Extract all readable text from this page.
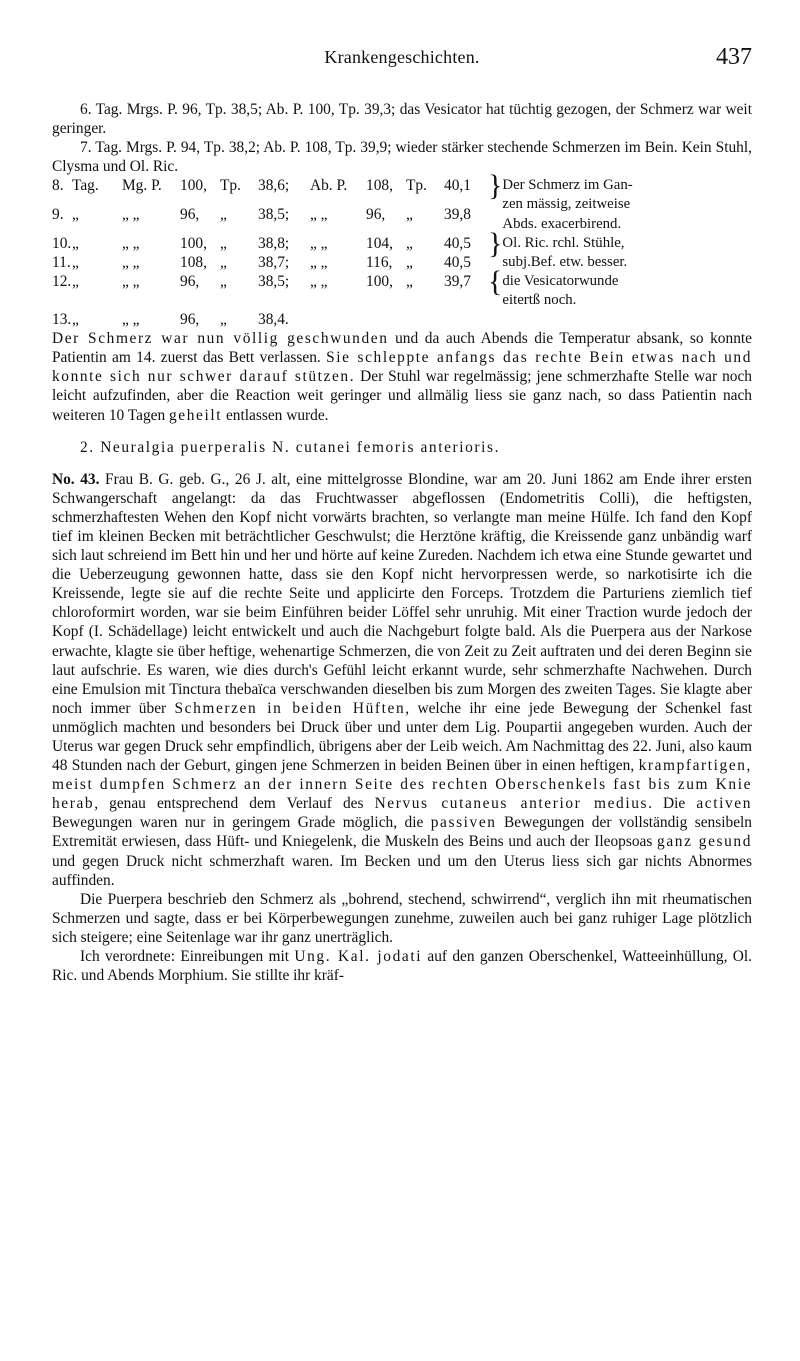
Krankengeschichten.	437

6. Tag. Mrgs. P. 96, Tp. 38,5; Ab. P. 100, Tp. 39,3; das Vesicator hat tüchtig gezogen, der Schmerz war weit geringer.

7. Tag. Mrgs. P. 94, Tp. 38,2; Ab. P. 108, Tp. 39,9; wieder stärker stechende Schmerzen im Bein. Kein Stuhl, Clysma und Ol. Ric.

8.	Tag.	Mg. P.	100,	Tp.	38,6;	Ab. P.	108,	Tp.	40,1	}	Der Schmerz im Gan-
zen mässig, zeitweise
Abds. exacerbirend.
9.	„	„ „	96,	„	38,5;	„ „	96,	„	39,8		
10.	„	„ „	100,	„	38,8;	„ „	104,	„	40,5	}	Ol. Ric. rchl. Stühle,
subj.Bef. etw. besser.
11.	„	„ „	108,	„	38,7;	„ „	116,	„	40,5		
12.	„	„ „	96,	„	38,5;	„ „	100,	„	39,7	{	die Vesicatorwunde
eitertß noch.
13.	„	„ „	96,	„	38,4.						

Der Schmerz war nun völlig geschwunden und da auch Abends die Temperatur absank, so konnte Patientin am 14. zuerst das Bett verlassen. Sie schleppte anfangs das rechte Bein etwas nach und konnte sich nur schwer darauf stützen. Der Stuhl war regelmässig; jene schmerzhafte Stelle war noch leicht aufzufinden, aber die Reaction weit geringer und allmälig liess sie ganz nach, so dass Patientin nach weiteren 10 Tagen geheilt entlassen wurde.

2. Neuralgia puerperalis N. cutanei femoris anterioris.

No. 43. Frau B. G. geb. G., 26 J. alt, eine mittelgrosse Blondine, war am 20. Juni 1862 am Ende ihrer ersten Schwangerschaft angelangt: da das Fruchtwasser abgeflossen (Endometritis Colli), die heftigsten, schmerzhaftesten Wehen den Kopf nicht vorwärts brachten, so verlangte man meine Hülfe. Ich fand den Kopf tief im kleinen Becken mit beträchtlicher Geschwulst; die Herztöne kräftig, die Kreissende ganz unbändig warf sich laut schreiend im Bett hin und her und hörte auf keine Zureden. Nachdem ich etwa eine Stunde gewartet und die Ueberzeugung gewonnen hatte, dass sie den Kopf nicht hervorpressen werde, so narkotisirte ich die Kreissende, legte sie auf die rechte Seite und applicirte den Forceps. Trotzdem die Parturiens ziemlich tief chloroformirt worden, war sie beim Einführen beider Löffel sehr unruhig. Mit einer Traction wurde jedoch der Kopf (I. Schädellage) leicht entwickelt und auch die Nachgeburt folgte bald. Als die Puerpera aus der Narkose erwachte, klagte sie über heftige, wehenartige Schmerzen, die von Zeit zu Zeit auftraten und dei deren Beginn sie laut aufschrie. Es waren, wie dies durch's Gefühl leicht erkannt wurde, sehr schmerzhafte Nachwehen. Durch eine Emulsion mit Tinctura thebaïca verschwanden dieselben bis zum Morgen des zweiten Tages. Sie klagte aber noch immer über Schmerzen in beiden Hüften, welche ihr eine jede Bewegung der Schenkel fast unmöglich machten und besonders bei Druck über und unter dem Lig. Poupartii angegeben wurden. Auch der Uterus war gegen Druck sehr empfindlich, übrigens aber der Leib weich. Am Nachmittag des 22. Juni, also kaum 48 Stunden nach der Geburt, gingen jene Schmerzen in beiden Beinen über in einen heftigen, krampfartigen, meist dumpfen Schmerz an der innern Seite des rechten Oberschenkels fast bis zum Knie herab, genau entsprechend dem Verlauf des Nervus cutaneus anterior medius. Die activen Bewegungen waren nur in geringem Grade möglich, die passiven Bewegungen der vollständig sensibeln Extremität erwiesen, dass Hüft- und Kniegelenk, die Muskeln des Beins und auch der Ileopsoas ganz gesund und gegen Druck nicht schmerzhaft waren. Im Becken und um den Uterus liess sich gar nichts Abnormes auffinden.

Die Puerpera beschrieb den Schmerz als „bohrend, stechend, schwirrend“, verglich ihn mit rheumatischen Schmerzen und sagte, dass er bei Körperbewegungen zunehme, zuweilen auch bei ganz ruhiger Lage plötzlich sich steigere; eine Seitenlage war ihr ganz unerträglich.

Ich verordnete: Einreibungen mit Ung. Kal. jodati auf den ganzen Oberschenkel, Watteeinhüllung, Ol. Ric. und Abends Morphium. Sie stillte ihr kräf-
